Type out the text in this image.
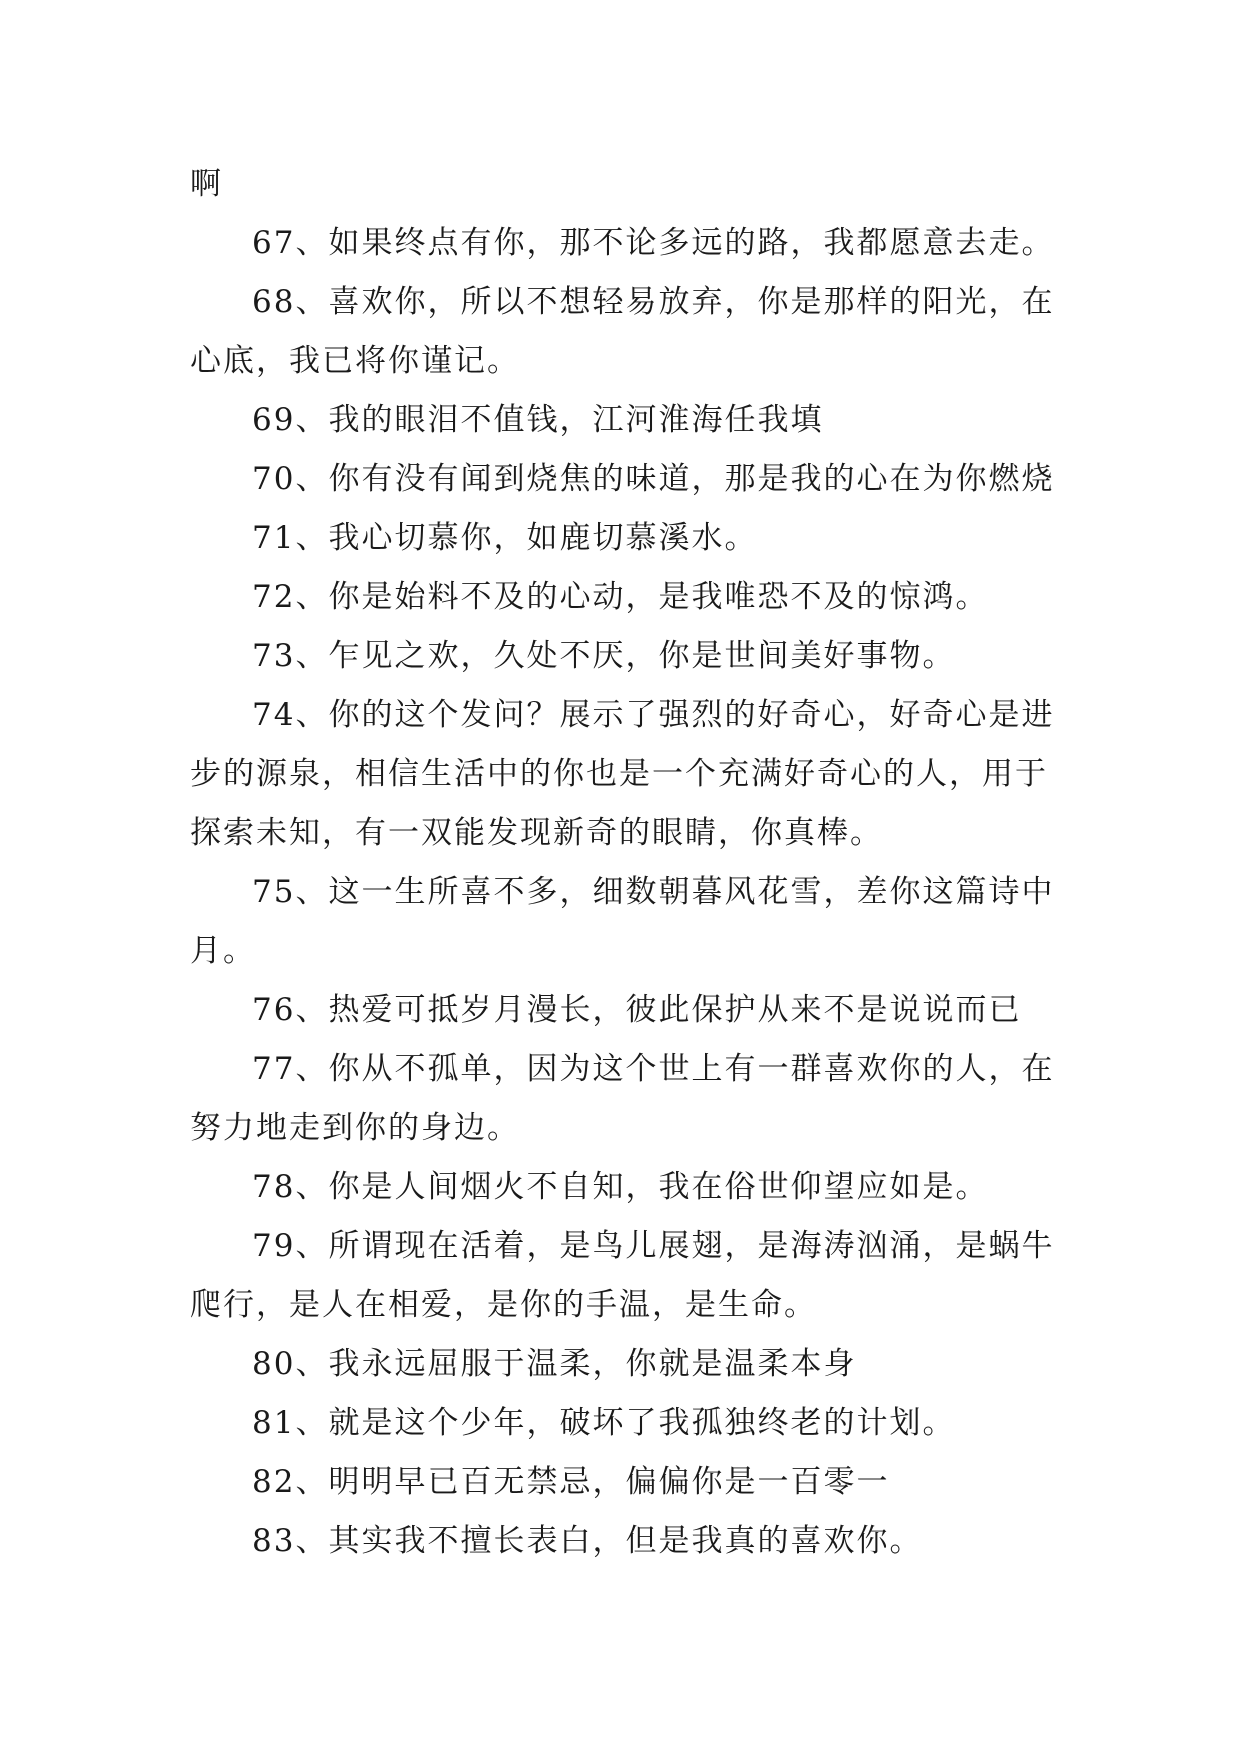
啊
67、如果终点有你，那不论多远的路，我都愿意去走。
68、喜欢你，所以不想轻易放弃，你是那样的阳光，在
心底，我已将你谨记。
69、我的眼泪不值钱，江河淮海任我填
70、你有没有闻到烧焦的味道，那是我的心在为你燃烧
71、我心切慕你，如鹿切慕溪水。
72、你是始料不及的心动，是我唯恐不及的惊鸿。
73、乍见之欢，久处不厌，你是世间美好事物。
74、你的这个发问？展示了强烈的好奇心，好奇心是进
步的源泉，相信生活中的你也是一个充满好奇心的人，用于
探索未知，有一双能发现新奇的眼睛，你真棒。
75、这一生所喜不多，细数朝暮风花雪，差你这篇诗中
月。
76、热爱可抵岁月漫长，彼此保护从来不是说说而已
77、你从不孤单，因为这个世上有一群喜欢你的人，在
努力地走到你的身边。
78、你是人间烟火不自知，我在俗世仰望应如是。
79、所谓现在活着，是鸟儿展翅，是海涛汹涌，是蜗牛
爬行，是人在相爱，是你的手温，是生命。
80、我永远屈服于温柔，你就是温柔本身
81、就是这个少年，破坏了我孤独终老的计划。
82、明明早已百无禁忌，偏偏你是一百零一
83、其实我不擅长表白，但是我真的喜欢你。
